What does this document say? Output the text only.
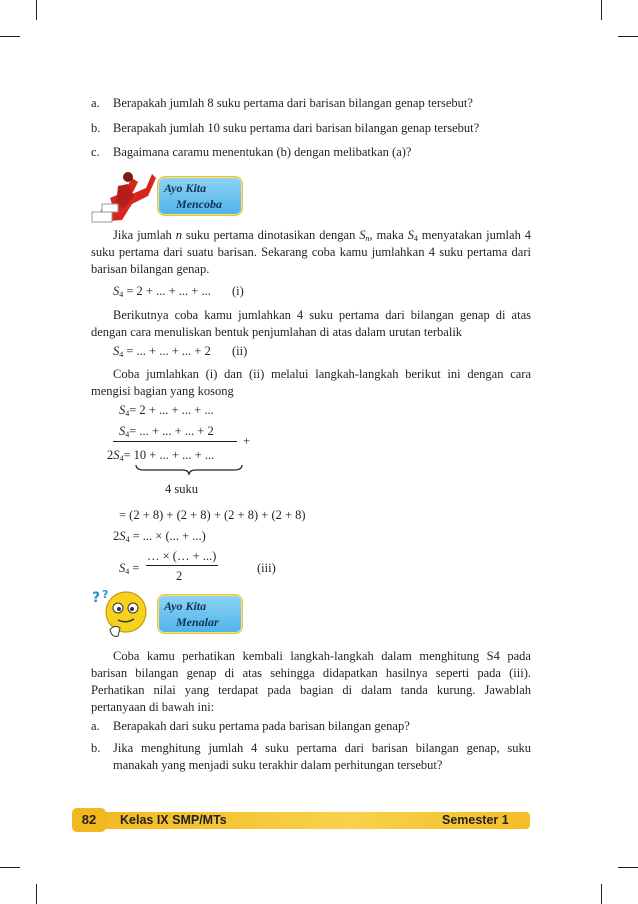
a. Berapakah jumlah 8 suku pertama dari barisan bilangan genap tersebut?
b. Berapakah jumlah 10 suku pertama dari barisan bilangan genap tersebut?
c. Bagaimana caramu menentukan (b) dengan melibatkan (a)?
Ayo Kita
Mencoba
Jika jumlah n suku pertama dinotasikan dengan $S_n$, maka $S_4$ menyatakan jumlah 4
suku pertama dari suatu barisan. Sekarang coba kamu jumlahkan 4 suku pertama dari
barisan bilangan genap.
$S_4 = 2$ + ... + ... + ... (i)
Berikutnya coba kamu jumlahkan 4 suku pertama dari bilangan genap di atas
dengan cara menuliskan bentuk penjumlahan di atas dalam urutan terbalik
$S_4$ = ... + ... + ... + 2 (ii)
Coba jumlahkan (i) dan (ii) melalui langkah-langkah berikut ini dengan cara
mengisi bagian yang kosong
$S_4= 2$ + ... + ... + ...
$S_4=$ ... + ... + ... + 2
+
$2S_4= 10$ + ... + ... + ...
4 suku
= (2 + 8) + (2 + 8) + (2 + 8) + (2 + 8)
$2S_4$ = ... × (... + ...)
$S_4$ =
… × (… + ...)
2
(iii)
? ?
Ayo Kita
Menalar
Coba kamu perhatikan kembali langkah-langkah dalam menghitung S4 pada
barisan bilangan genap di atas sehingga didapatkan hasilnya seperti pada (iii).
Perhatikan nilai yang terdapat pada bagian di dalam tanda kurung. Jawablah
pertanyaan di bawah ini:
a. Berapakah dari suku pertama pada barisan bilangan genap?
b. Jika menghitung jumlah 4 suku pertama dari barisan bilangan genap, suku
manakah yang menjadi suku terakhir dalam perhitungan tersebut?
82	Kelas IX SMP/MTs	Semester 1
